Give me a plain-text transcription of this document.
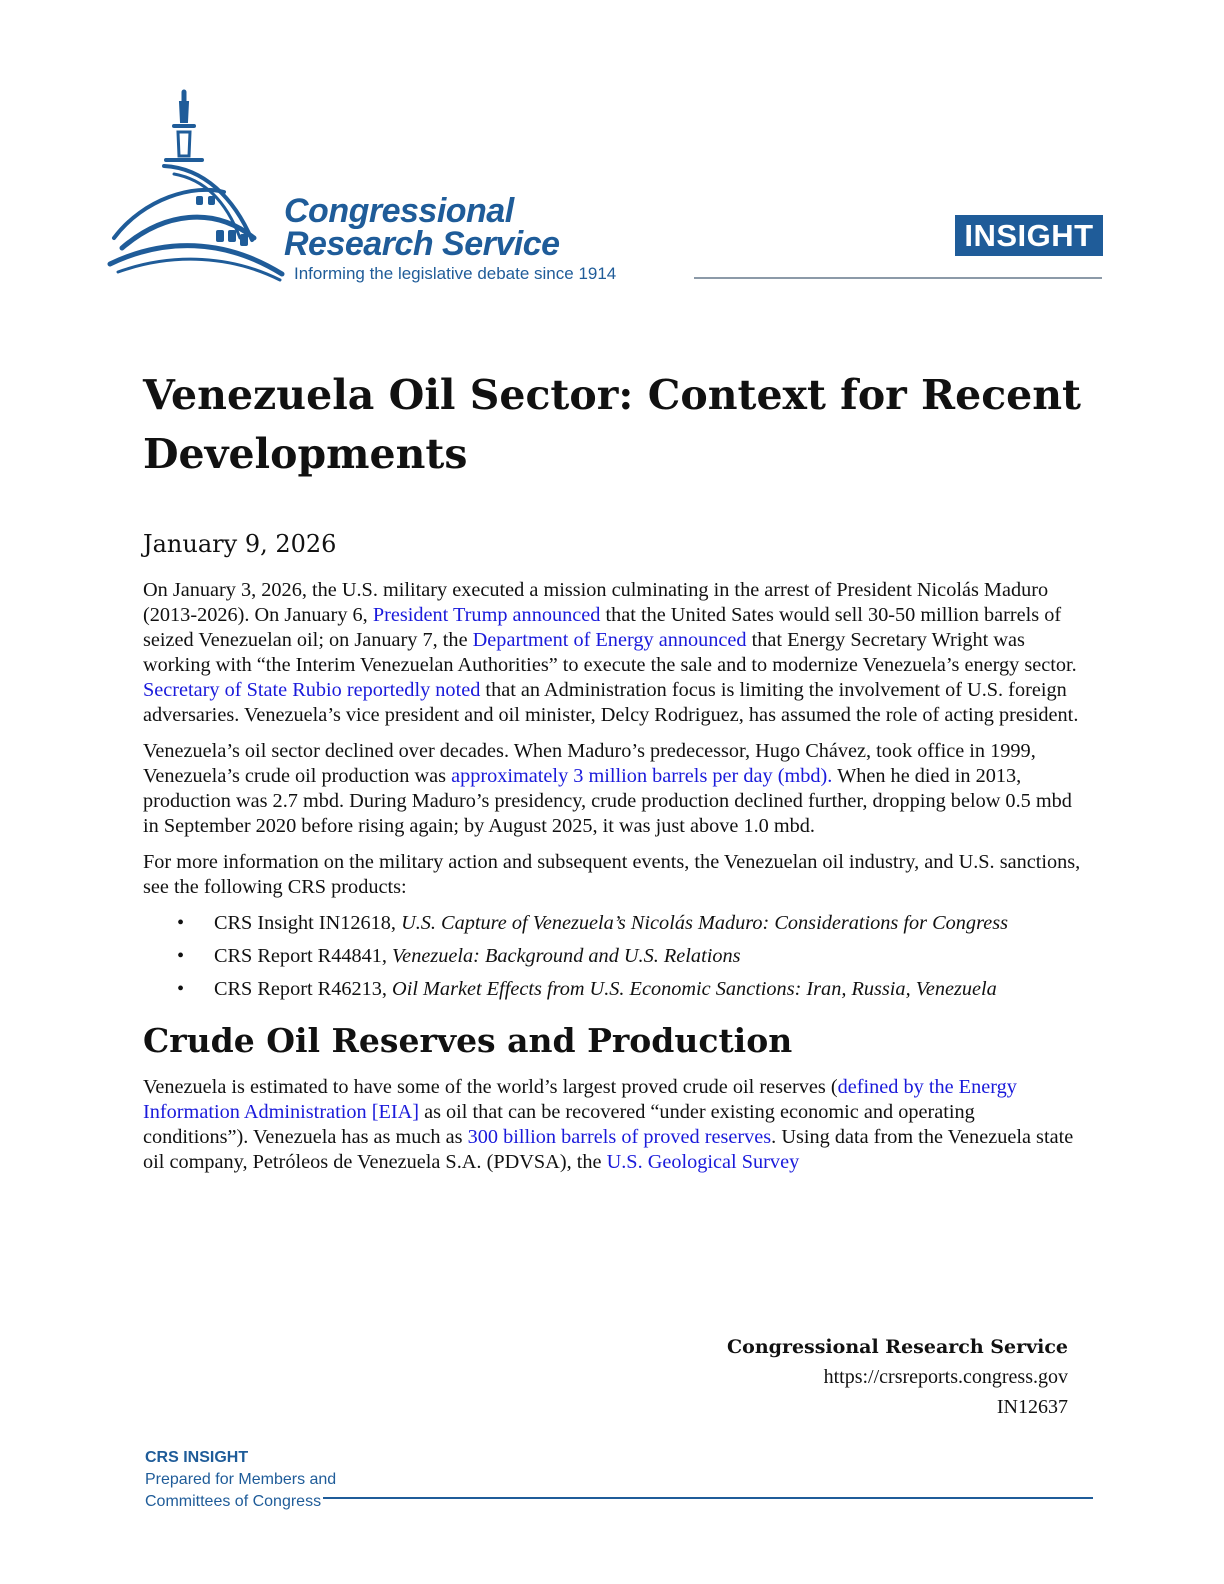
Congressional
Research Service
Informing the legislative debate since 1914
INSIGHT
Venezuela Oil Sector: Context for Recent Developments
January 9, 2026

On January 3, 2026, the U.S. military executed a mission culminating in the arrest of President Nicolás Maduro (2013-2026). On January 6, President Trump announced that the United Sates would sell 30-50 million barrels of seized Venezuelan oil; on January 7, the Department of Energy announced that Energy Secretary Wright was working with “the Interim Venezuelan Authorities” to execute the sale and to modernize Venezuela’s energy sector. Secretary of State Rubio reportedly noted that an Administration focus is limiting the involvement of U.S. foreign adversaries. Venezuela’s vice president and oil minister, Delcy Rodriguez, has assumed the role of acting president.

Venezuela’s oil sector declined over decades. When Maduro’s predecessor, Hugo Chávez, took office in 1999, Venezuela’s crude oil production was approximately 3 million barrels per day (mbd). When he died in 2013, production was 2.7 mbd. During Maduro’s presidency, crude production declined further, dropping below 0.5 mbd in September 2020 before rising again; by August 2025, it was just above 1.0 mbd.

For more information on the military action and subsequent events, the Venezuelan oil industry, and U.S. sanctions, see the following CRS products:

• CRS Insight IN12618, U.S. Capture of Venezuela’s Nicolás Maduro: Considerations for Congress
• CRS Report R44841, Venezuela: Background and U.S. Relations
• CRS Report R46213, Oil Market Effects from U.S. Economic Sanctions: Iran, Russia, Venezuela
Crude Oil Reserves and Production

Venezuela is estimated to have some of the world’s largest proved crude oil reserves (defined by the Energy Information Administration [EIA] as oil that can be recovered “under existing economic and operating conditions”). Venezuela has as much as 300 billion barrels of proved reserves. Using data from the Venezuela state oil company, Petróleos de Venezuela S.A. (PDVSA), the U.S. Geological Survey

Congressional Research Service
https://crsreports.congress.gov
IN12637
CRS INSIGHT
Prepared for Members and
Committees of Congress
